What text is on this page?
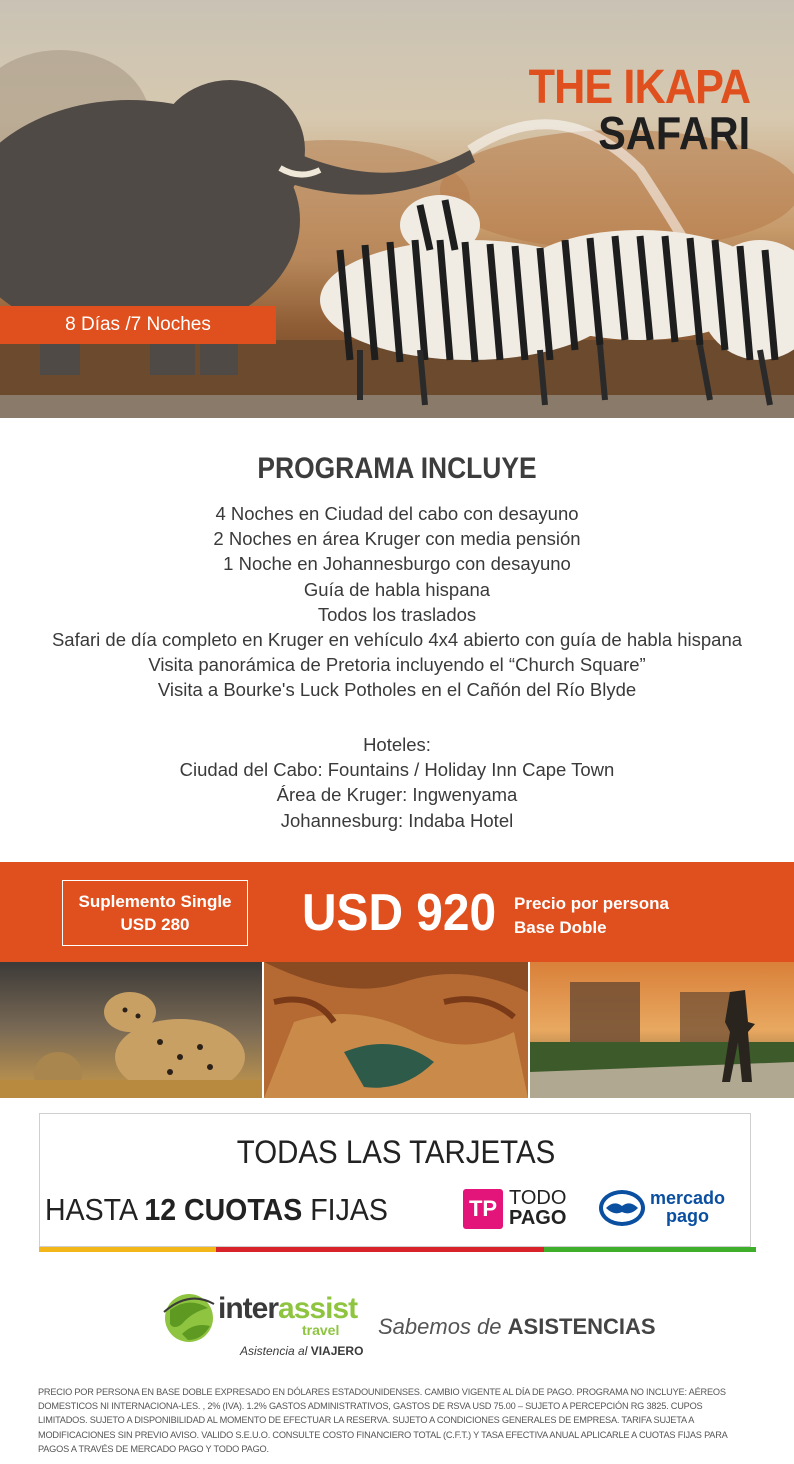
THE IKAPA
SAFARI
8 Días /7 Noches
PROGRAMA INCLUYE
4 Noches en Ciudad del cabo con desayuno
2 Noches en área Kruger con media pensión
1 Noche en Johannesburgo con desayuno
Guía de habla hispana
Todos los traslados
Safari de día completo en Kruger en vehículo 4x4 abierto con guía de habla hispana
Visita panorámica de Pretoria incluyendo el “Church Square”
Visita a Bourke's Luck Potholes en el Cañón del Río Blyde
Hoteles:
Ciudad del Cabo: Fountains / Holiday Inn Cape Town
Área de Kruger: Ingwenyama
Johannesburg: Indaba Hotel
Suplemento Single
USD 280	USD 920 Precio por persona
Base Doble
TODAS LAS TARJETAS
HASTA 12 CUOTAS FIJAS	TP TODO
PAGO
mercado
pago
interassist
travel
Asistencia al VIAJERO
Sabemos de ASISTENCIAS
PRECIO POR PERSONA EN BASE DOBLE EXPRESADO EN DÓLARES ESTADOUNIDENSES. CAMBIO VIGENTE AL DÍA DE PAGO. PROGRAMA NO INCLUYE: AÉREOS DOMESTICOS NI INTERNACIONA-LES. , 2% (IVA). 1.2% GASTOS ADMINISTRATIVOS, GASTOS DE RSVA USD 75.00 – SUJETO A PERCEPCIÓN RG 3825. CUPOS LIMITADOS. SUJETO A DISPONIBILIDAD AL MOMENTO DE EFECTUAR LA RESERVA. SUJETO A CONDICIONES GENERALES DE EMPRESA. TARIFA SUJETA A MODIFICACIONES SIN PREVIO AVISO. VALIDO S.E.U.O. CONSULTE COSTO FINANCIERO TOTAL (C.F.T.) Y TASA EFECTIVA ANUAL APLICARLE A CUOTAS FIJAS PARA PAGOS A TRAVÉS DE MERCADO PAGO Y TODO PAGO.
